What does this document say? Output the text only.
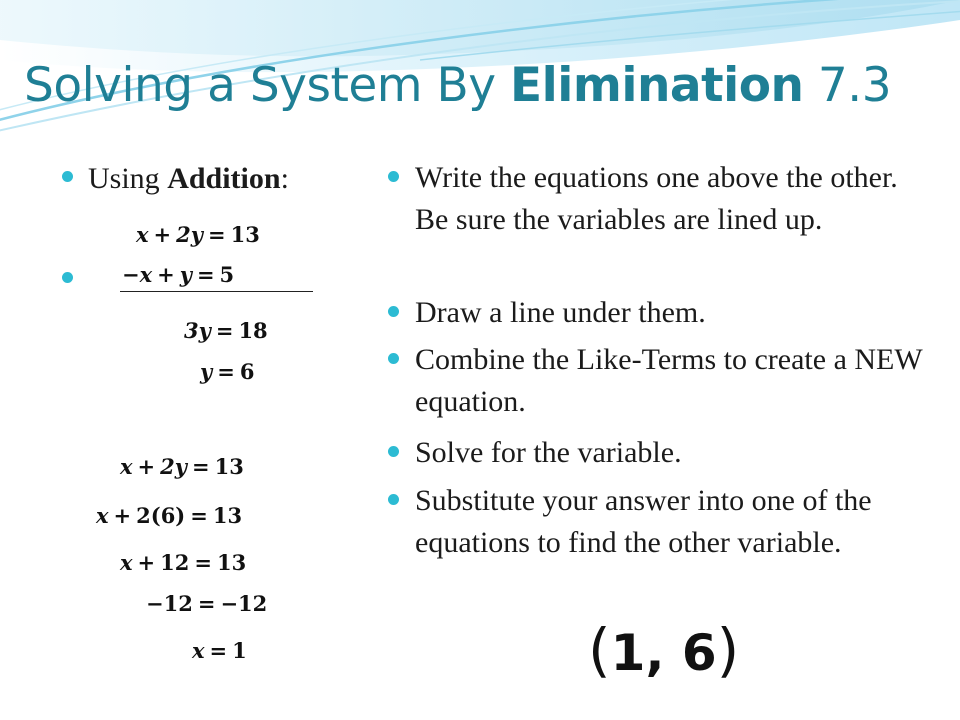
Solving a System By Elimination 7.3
Using Addition:
x + 2y = 13
−x + y = 5
3y = 18
y = 6
x + 2y = 13
x + 2(6) = 13
x + 12 = 13
−12 = −12
x = 1
Write the equations one above the other. Be sure the variables are lined up.
Draw a line under them.
Combine the Like-Terms to create a NEW equation.
Solve for the variable.
Substitute your answer into one of the equations to find the other variable.
(1, 6)
